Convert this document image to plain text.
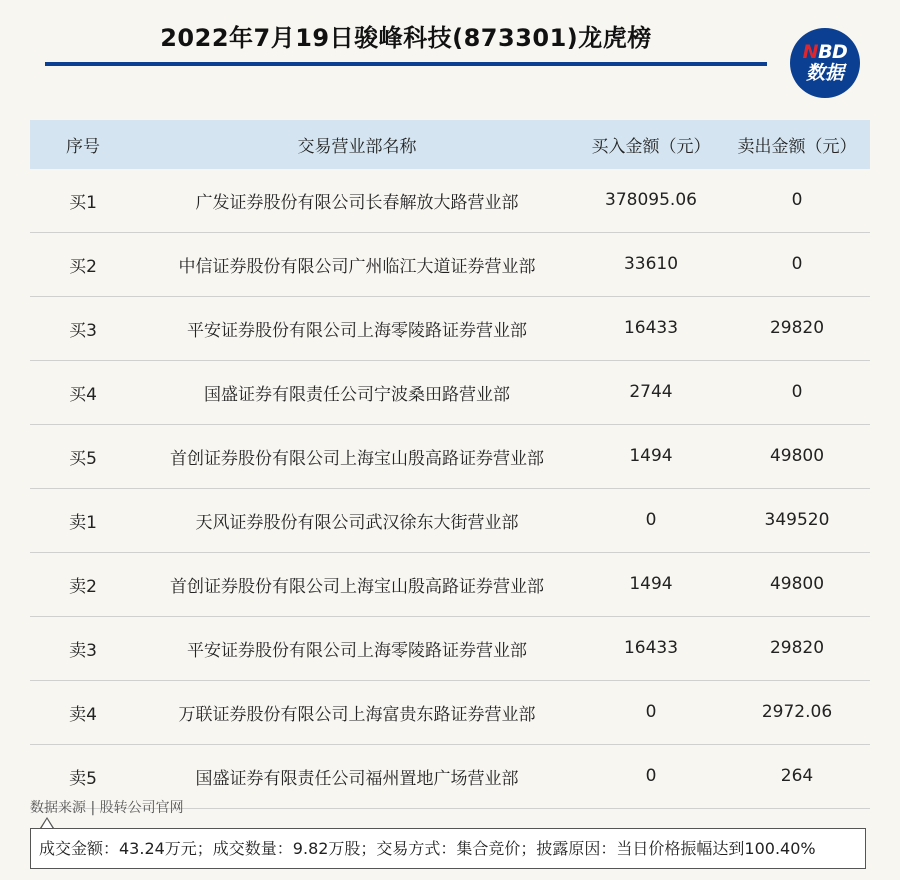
2022年7月19日骏峰科技(873301)龙虎榜	NBD
数据
序号	交易营业部名称	买入金额（元）	卖出金额（元）
买1	广发证券股份有限公司长春解放大路营业部	378095.06	0
买2	中信证券股份有限公司广州临江大道证券营业部	33610	0
买3	平安证券股份有限公司上海零陵路证券营业部	16433	29820
买4	国盛证券有限责任公司宁波桑田路营业部	2744	0
买5	首创证券股份有限公司上海宝山殷高路证券营业部	1494	49800
卖1	天风证券股份有限公司武汉徐东大街营业部	0	349520
卖2	首创证券股份有限公司上海宝山殷高路证券营业部	1494	49800
卖3	平安证券股份有限公司上海零陵路证券营业部	16433	29820
卖4	万联证券股份有限公司上海富贵东路证券营业部	0	2972.06
卖5	国盛证券有限责任公司福州置地广场营业部	0	264
数据来源 | 股转公司官网
成交金额：43.24万元；成交数量：9.82万股；交易方式：集合竞价；披露原因：当日价格振幅达到100.40%
